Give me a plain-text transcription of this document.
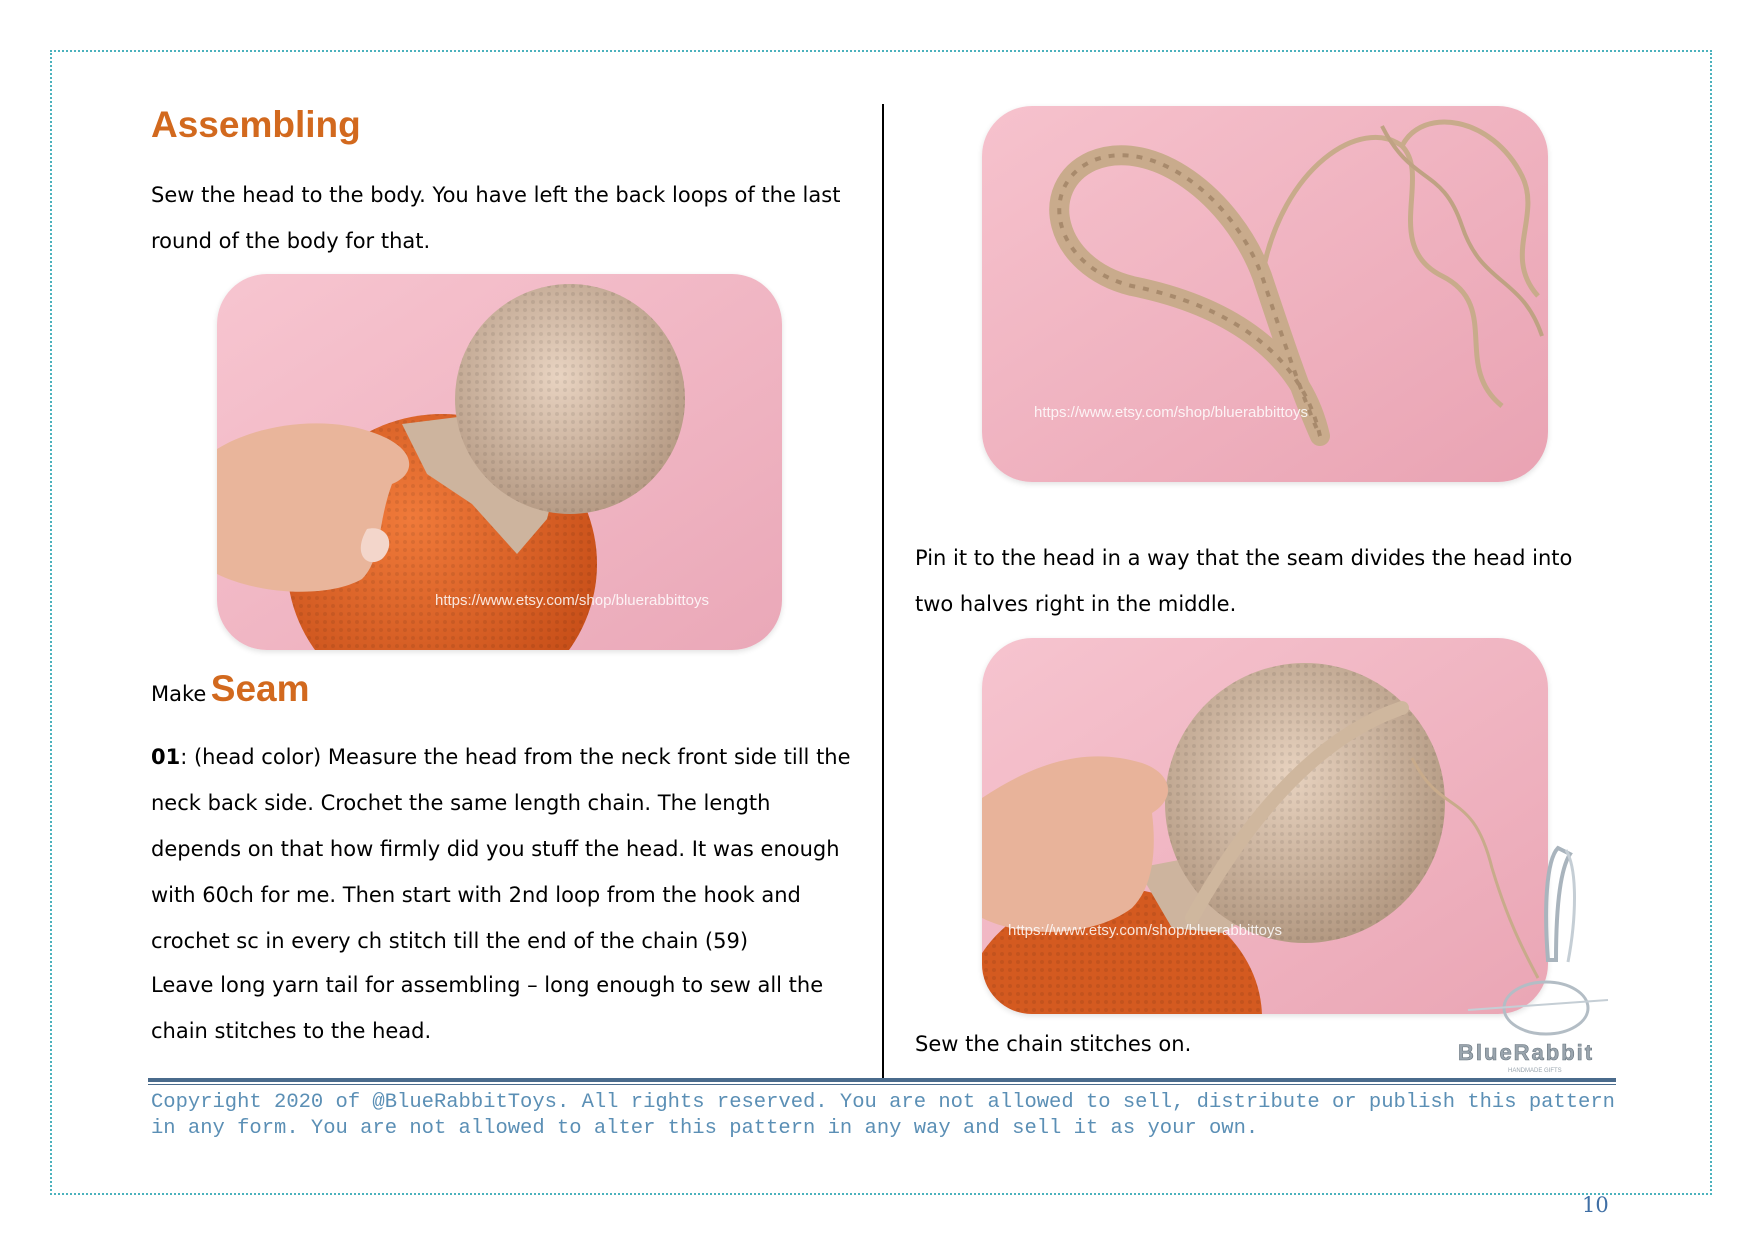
Assembling

Sew the head to the body. You have left the back loops of the last round of the body for that.

https://www.etsy.com/shop/bluerabbittoys
Make Seam

01: (head color) Measure the head from the neck front side till the neck back side. Crochet the same length chain. The length depends on that how firmly did you stuff the head. It was enough with 60ch for me. Then start with 2nd loop from the hook and crochet sc in every ch stitch till the end of the chain (59)

Leave long yarn tail for assembling – long enough to sew all the chain stitches to the head.

https://www.etsy.com/shop/bluerabbittoys

Pin it to the head in a way that the seam divides the head into two halves right in the middle.

https://www.etsy.com/shop/bluerabbittoys

Sew the chain stitches on.	BlueRabbit
HANDMADE GIFTS

Copyright 2020 of @BlueRabbitToys. All rights reserved. You are not allowed to sell, distribute or publish this pattern in any form. You are not allowed to alter this pattern in any way and sell it as your own.

10
